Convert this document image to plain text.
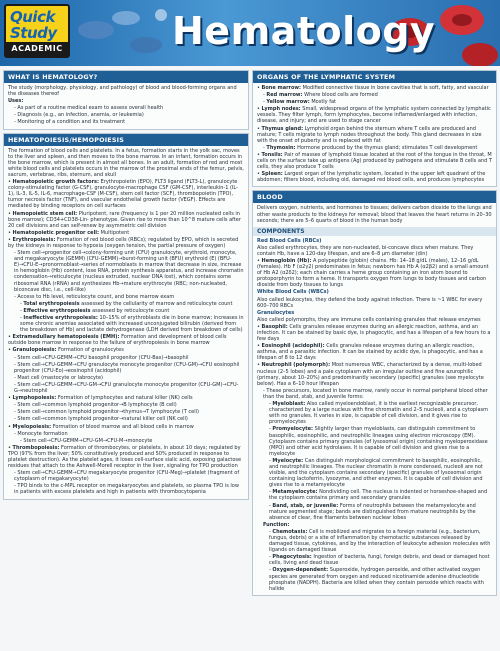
Quick
Study
ACADEMIC	Hematology
WHAT IS HEMATOLOGY?

The study (morphology, physiology, and pathology) of blood and blood-forming organs and the diseases thereof

Uses:

- As part of a routine medical exam to assess overall health

- Diagnosis (e.g., an infection, anemia, or leukemia)

- Monitoring of a condition and its treatment

HEMATOPOIESIS/HEMOPOIESIS

The formation of blood cells and platelets. In a fetus, formation starts in the yolk sac, moves to the liver and spleen, and then moves to the bone marrow. In an infant, formation occurs in the bone marrow, which is present in almost all bones. In an adult, formation of red and most white blood cells and platelets occurs in the marrow of the proximal ends of the femur, pelvis, sacrum, vertebrae, ribs, sternum, and skull

• Hematopoietic growth factors: Erythropoietin (EPO), FLT3 ligand (FLT3-L), granulocyte colony-stimulating factor (G-CSF), granulocyte-macrophage CSF (GM-CSF), interleukin-1 (IL-1), IL-3, IL-5, IL-6, macrophage-CSF (M-CSF), stem cell factor (SCF), thrombopoietin (TPO), tumor necrosis factor (TNF), and vascular endothelial growth factor (VEGF). Effects are mediated by binding receptors on cell surfaces

• Hemopoietic stem cell: Pluripotent, rare (frequency is 1 per 20 million nucleated cells in bone marrow); CD34+CD38-Lin- phenotype. Given rise to more than 10^8 mature cells after 20 cell divisions and can self-renew by asymmetric cell division

• Hematopoietic progenitor cell: Multipotent

• Erythropoiesis: Formation of red blood cells (RBCs); regulated by EPO, which is secreted by the kidneys in response to hypoxia (oxygen tension, the partial pressure of oxygen)

- Stem cell→progenitor cell→colony-forming unit (CFU) granulocyte, erythroid, monocyte, and megakaryocyte (GEMM) (CFU-GEMM)→burst-forming unit (BFU) erythroid (E) (BFU-E)→CFU-E→pronormoblast→series of normoblasts in marrow that decrease in size, increase in hemoglobin (Hb) content, lose RNA, protein synthesis apparatus, and increase chromatin condensation→reticulocyte (nucleus extruded, nuclear DNA lost), which contains some ribosomal RNA (rRNA) and synthesizes Hb→mature erythrocyte (RBC; non-nucleated, biconcave disc, i.e., cell-like)

- Access to Hb level, reticulocyte count, and bone marrow exam

- Total erythropoiesis assessed by the cellularity of marrow and reticulocyte count

- Effective erythropoiesis assessed by reticulocyte count

- Ineffective erythropoiesis: 10–15% of erythroblasts die in bone marrow; increases in some chronic anemias associated with increased unconjugated bilirubin (derived from the breakdown of Hb) and lactate dehydrogenase (LDH derived from breakdown of cells)

• Extramedullary hematopoiesis (EMH): Formation and development of blood cells outside bone marrow in response to the failure of erythropoiesis in bone marrow

• Granulopoiesis: Formation of granulocytes

- Stem cell→CFU-GEMM→CFU basophil progenitor (CFU-Bas)→basophil

- Stem cell→CFU-GEMM→CFU granulocyte monocyte progenitor (CFU-GM)→CFU eosinophil progenitor (CFU-Eo)→eosinophil (acidophil)

- Mast cell (mastocyte or labrocyte)

- Stem cell→CFU-GEMM→CFU-GM→CFU granulocyte monocyte progenitor (CFU-GM)→CFU-G→neutrophil

• Lymphopoiesis: Formation of lymphocytes and natural killer (NK) cells

- Stem cell→common lymphoid progenitor→B lymphocyte (B cell)

- Stem cell→common lymphoid progenitor→thymus→T lymphocyte (T cell)

- Stem cell→common lymphoid progenitor→natural killer cell (NK cell)

• Myelopoiesis: Formation of blood marrow and all blood cells in marrow

- Monocyte formation

- Stem cell→CFU-GEMM→CFU-GM→CFU-M→monocyte

• Thrombopoiesis: Formation of thrombocytes, or platelets, in about 10 days; regulated by TPO (97% from the liver; 50% constitutively produced and 50% produced in response to platelet destruction). As the platelet ages, it loses cell-surface sialic acid, exposing galactose residues that attach to the Ashwell-Morell receptor in the liver, signaling for TPO production

- Stem cell→CFU-GEMM→CFU megakaryocyte progenitor (CFU-Meg)→platelet (fragment of cytoplasm of megakaryocyte)

- TPO binds to the c-MPL receptor on megakaryocytes and platelets, so plasma TPO is low in patients with excess platelets and high in patients with thrombocytopenia

ORGANS OF THE LYMPHATIC SYSTEM

• Bone marrow: Modified connective tissue in bone cavities that is soft, fatty, and vascular

- Red marrow: Where blood cells are formed

- Yellow marrow: Mostly fat

• Lymph nodes: Small, widespread organs of the lymphatic system connected by lymphatic vessels. They filter lymph, form lymphocytes, become inflamed/enlarged with infection, disease, and injury; and are used to stage cancer

• Thymus gland: Lymphoid organ behind the sternum where T cells are produced and mature; T cells migrate to lymph nodes throughout the body. This gland decreases in size with the onset of puberty and is replaced with fat

- Thymosin: Hormone produced by the thymus gland; stimulates T cell development

• Tonsils: Pair of masses of lymphoid tissue located at the root of the tongue in the throat, M cells on the surface take up antigens (Ag) produced by pathogens and stimulate B cells and T cells, they also produce T cells

• Spleen: Largest organ of the lymphatic system, located in the upper left quadrant of the abdomen; filters blood, including old, damaged red blood cells, and produces lymphocytes

BLOOD

Delivers oxygen, nutrients, and hormones to tissues; delivers carbon dioxide to the lungs and other waste products to the kidneys for removal; blood that leaves the heart returns in 20–30 seconds; there are 5–6 quarts of blood in the human body

COMPONENTS

Red Blood Cells (RBCs)

Also called erythrocytes, they are non-nucleated, bi-concave discs when mature. They contain Hb, have a 120-day lifespan, and are 6–8 µm diameter (din)

• Hemoglobin (Hb): A polypeptide (globin) chains. Hb: 14–18 g/dL (males), 12–16 g/dL (females). Hb F (α2γ2) predominates in fetus; newborn has Hb A (α2β2) and a small amount of Hb A2 (α2δ2); each chain carries a heme group containing an iron atom bound to protoporphyrin to form a heme. It transports oxygen from lungs to body tissues and carbon dioxide from body tissues to lungs

White Blood Cells (WBCs)

Also called leukocytes, they defend the body against infection. There is ~1 WBC for every 600–700 RBCs

Granulocytes

Also called polymorphs, they are immune cells containing granules that release enzymes

• Basophil: Cells granules release enzymes during an allergic reaction, asthma, and an infection. It can be stained by basic dye, is phagocytic, and has a lifespan of a few hours to a few days

• Eosinophil (acidophil): Cells granules release enzymes during an allergic reaction, asthma, and a parasitic infection. It can be stained by acidic dye, is phagocytic, and has a lifespan of 8 to 12 days

• Neutrophil (polymorph): Most numerous WBC, characterized by a dense, multi-lobed nucleus (2–5 lobes) and a pale cytoplasm with an irregular outline and fine azurophilic (primary, about 10–20%) and predominantly secondary (specific) granules (see myelocyte below). Has a 6–10 hour lifespan

- These precursors, located in bone marrow, rarely occur in normal peripheral blood other than the band, stab, and juvenile forms:

- Myeloblast: Also called myeloendoblast, it is the earliest recognizable precursor, characterized by a large nucleus with fine chromatin and 2–5 nucleoli, and a cytoplasm with no granules. It varies in size, is capable of cell division, and it gives rise to promyelocytes

- Promyelocyte: Slightly larger than myeloblasts, can distinguish commitment to basophilic, eosinophilic, and neutrophilic lineages using electron microscopy (EM). Cytoplasm contains primary granules (of lysosomal origin) containing myeloperoxidase (MPO) and other acid hydrolases. It is capable of cell division and gives rise to a myelocyte

- Myelocyte: Can distinguish morphological commitment to basophilic, eosinophilic, and neutrophilic lineages. The nuclear chromatin is more condensed, nucleoli are not visible, and the cytoplasm contains secondary (specific) granules of lysosomal origin containing lactoferrin, lysozyme, and other enzymes. It is capable of cell division and gives rise to a metamyelocyte

- Metamyelocyte: Nondividing cell. The nucleus is indented or horseshoe-shaped and the cytoplasm contains primary and secondary granules

- Band, stab, or juvenile: Forms of neutrophils between the metamyelocyte and mature segmented stage; bands are distinguished from mature neutrophils by the absence of clear, fine filaments between nuclear lobes

Function:

- Chemotaxis: Cell is mobilized and migrates to a foreign material (e.g., bacterium, fungus, debris) or a site of inflammation by chemotactic substances released by damaged tissue, cytokines, and by the interaction of leukocyte adhesion molecules with ligands on damaged tissue

- Phagocytosis: Ingestion of bacteria, fungi, foreign debris, and dead or damaged host cells, living and dead tissue

- Oxygen-dependent: Superoxide, hydrogen peroxide, and other activated oxygen species are generated from oxygen and reduced nicotinamide adenine dinucleotide phosphate (NADPH). Bacteria are killed when they contain peroxide which reacts with halide
